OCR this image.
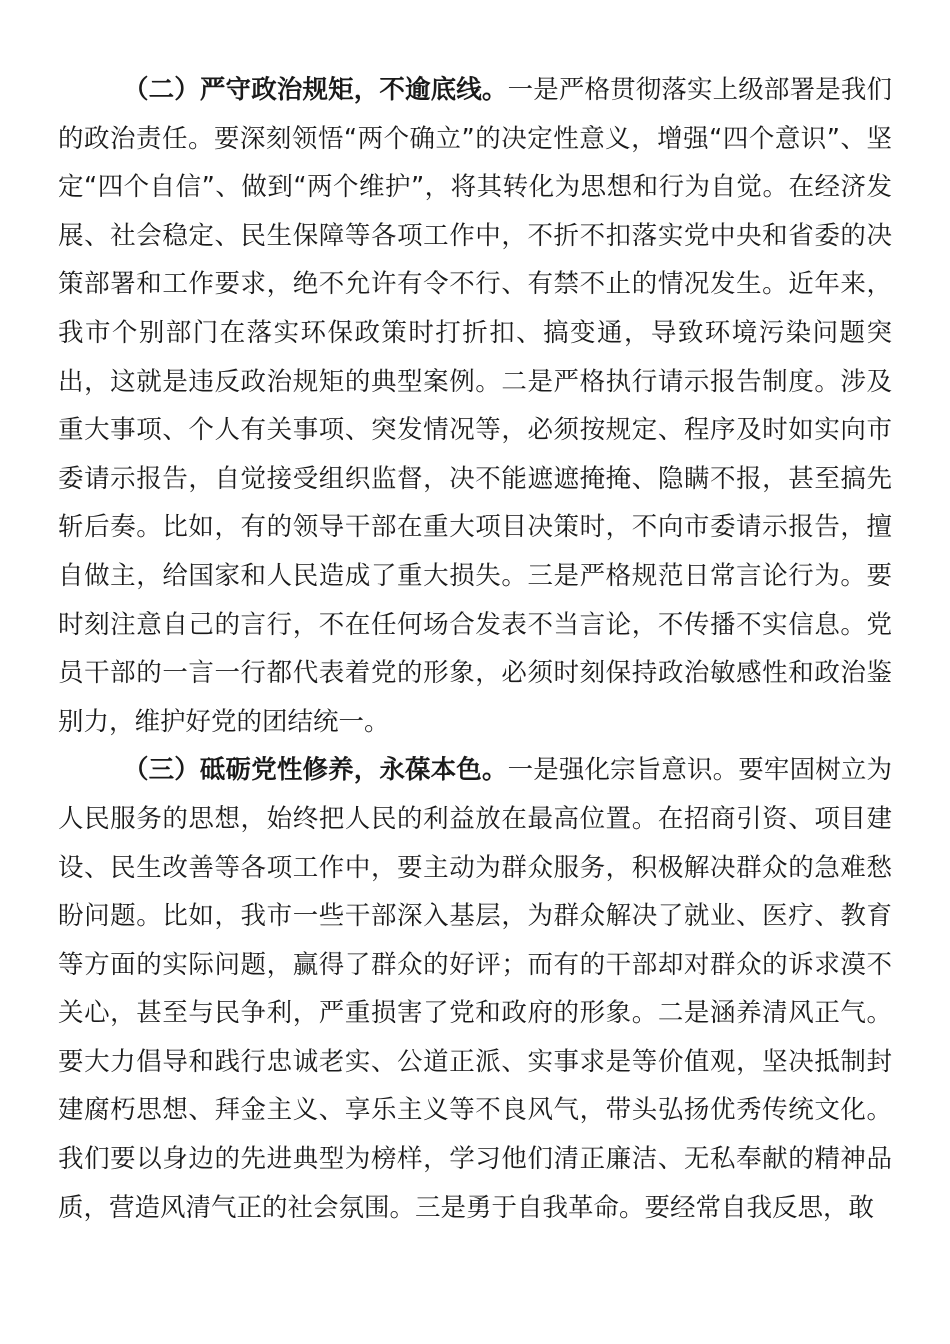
（二）严守政治规矩，不逾底线。一是严格贯彻落实上级部署是我们的政治责任。要深刻领悟“两个确立”的决定性意义，增强“四个意识”、坚定“四个自信”、做到“两个维护”，将其转化为思想和行为自觉。在经济发展、社会稳定、民生保障等各项工作中，不折不扣落实党中央和省委的决策部署和工作要求，绝不允许有令不行、有禁不止的情况发生。近年来，我市个别部门在落实环保政策时打折扣、搞变通，导致环境污染问题突出，这就是违反政治规矩的典型案例。二是严格执行请示报告制度。涉及重大事项、个人有关事项、突发情况等，必须按规定、程序及时如实向市委请示报告，自觉接受组织监督，决不能遮遮掩掩、隐瞒不报，甚至搞先斩后奏。比如，有的领导干部在重大项目决策时，不向市委请示报告，擅自做主，给国家和人民造成了重大损失。三是严格规范日常言论行为。要时刻注意自己的言行，不在任何场合发表不当言论，不传播不实信息。党员干部的一言一行都代表着党的形象，必须时刻保持政治敏感性和政治鉴别力，维护好党的团结统一。

（三）砥砺党性修养，永葆本色。一是强化宗旨意识。要牢固树立为人民服务的思想，始终把人民的利益放在最高位置。在招商引资、项目建设、民生改善等各项工作中，要主动为群众服务，积极解决群众的急难愁盼问题。比如，我市一些干部深入基层，为群众解决了就业、医疗、教育等方面的实际问题，赢得了群众的好评；而有的干部却对群众的诉求漠不关心，甚至与民争利，严重损害了党和政府的形象。二是涵养清风正气。要大力倡导和践行忠诚老实、公道正派、实事求是等价值观，坚决抵制封建腐朽思想、拜金主义、享乐主义等不良风气，带头弘扬优秀传统文化。我们要以身边的先进典型为榜样，学习他们清正廉洁、无私奉献的精神品质，营造风清气正的社会氛围。三是勇于自我革命。要经常自我反思，敢
